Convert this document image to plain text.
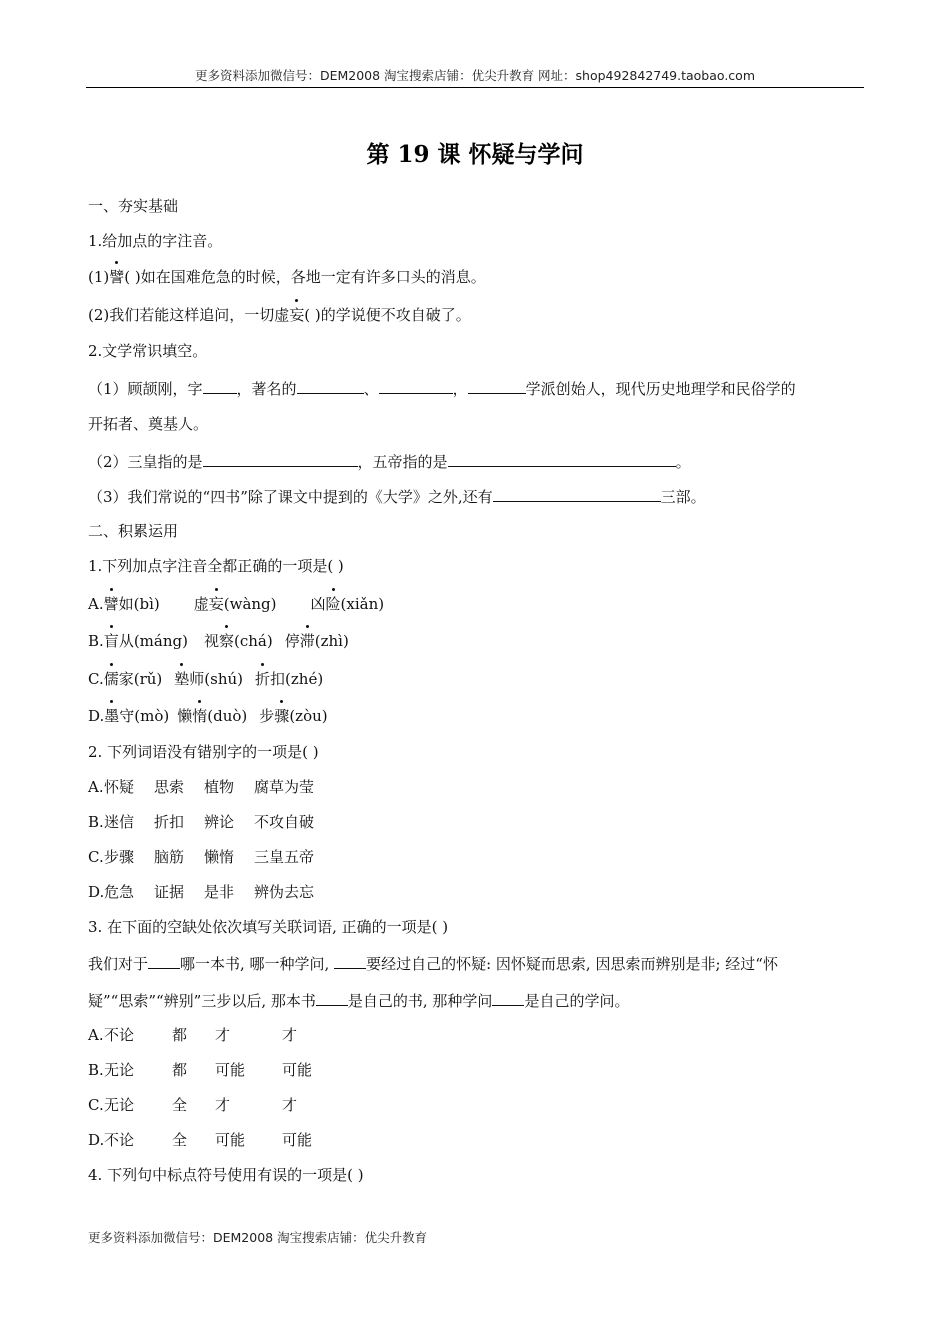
更多资料添加微信号：DEM2008 淘宝搜索店铺：优尖升教育 网址：shop492842749.taobao.com
第 19 课 怀疑与学问
一、夯实基础
1.给加点的字注音。
(1)譬( )如在国难危急的时候，各地一定有许多口头的消息。
(2)我们若能这样追问，一切虚妄( )的学说便不攻自破了。
2.文学常识填空。
（1）顾颉刚，字 ，著名的	、	，	学派创始人，现代历史地理学和民俗学的
开拓者、奠基人。
（2）三皇指的是	，五帝指的是	。
（3）我们常说的“四书”除了课文中提到的《大学》之外,还有	三部。
二、积累运用
1.下列加点字注音全都正确的一项是( )
A.譬如(bì) 虚妄(wàng) 凶险(xiǎn)
B.盲从(máng) 视察(chá) 停滞(zhì)
C.儒家(rǔ) 塾师(shú) 折扣(zhé)
D.墨守(mò) 懒惰(duò) 步骤(zòu)
2. 下列词语没有错别字的一项是( )
A.怀疑 思索 植物 腐草为莹
B.迷信 折扣 辨论 不攻自破
C.步骤 脑筋 懒惰 三皇五帝
D.危急 证据 是非 辨伪去忘
3. 在下面的空缺处依次填写关联词语, 正确的一项是( )
我们对于 哪一本书, 哪一种学问, 要经过自己的怀疑: 因怀疑而思索, 因思索而辨别是非; 经过“怀
疑”“思索”“辨别”三步以后, 那本书 是自己的书, 那种学问 是自己的学问。
A.不论	都 才	才
B.无论	都 可能 可能
C.无论	全 才	才
D.不论	全 可能 可能
4. 下列句中标点符号使用有误的一项是( )
更多资料添加微信号：DEM2008 淘宝搜索店铺：优尖升教育
